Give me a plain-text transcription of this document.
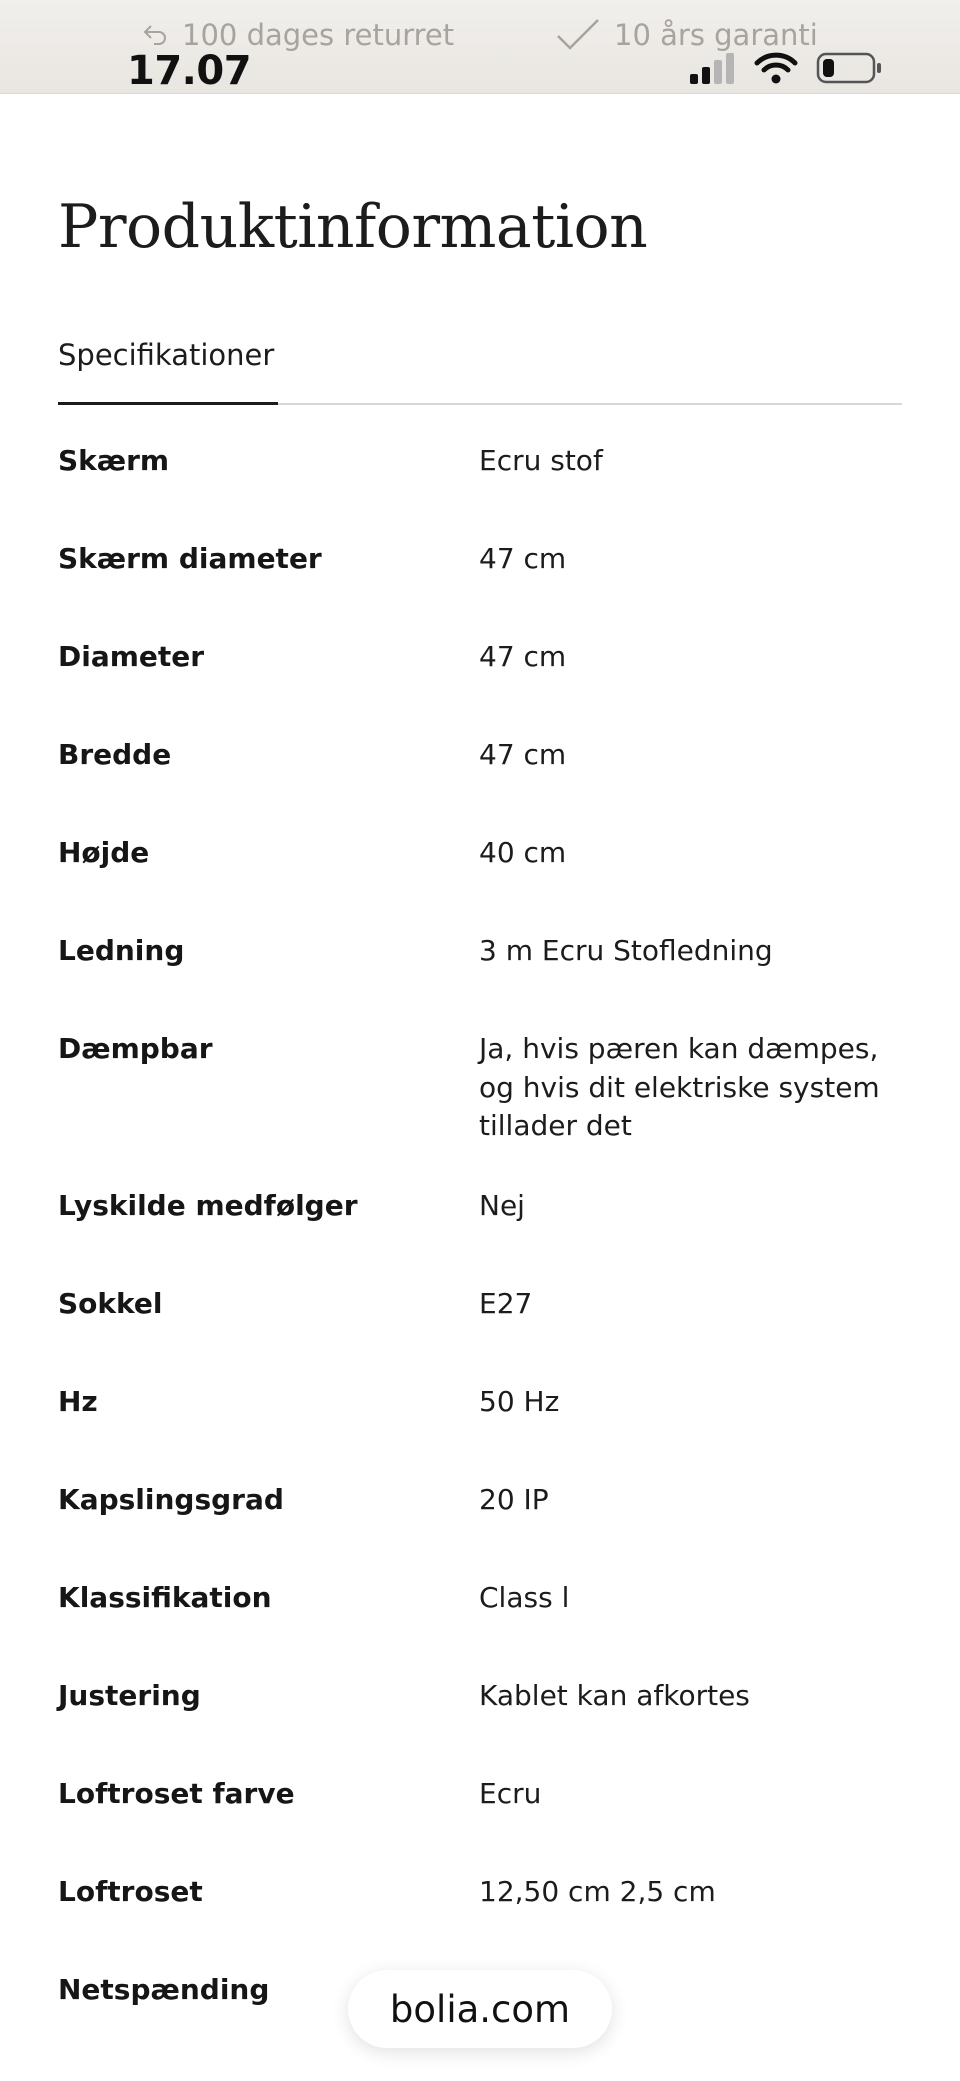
100 dages returret	10 års garanti
17.07
Produktinformation
Specifikationer
Skærm	Ecru stof
Skærm diameter	47 cm
Diameter	47 cm
Bredde	47 cm
Højde	40 cm
Ledning	3 m Ecru Stofledning
Dæmpbar	Ja, hvis pæren kan dæmpes, og hvis dit elektriske system tillader det
Lyskilde medfølger	Nej
Sokkel	E27
Hz	50 Hz
Kapslingsgrad	20 IP
Klassifikation	Class l
Justering	Kablet kan afkortes
Loftroset farve	Ecru
Loftroset	12,50 cm 2,5 cm
Netspænding	bolia.com
